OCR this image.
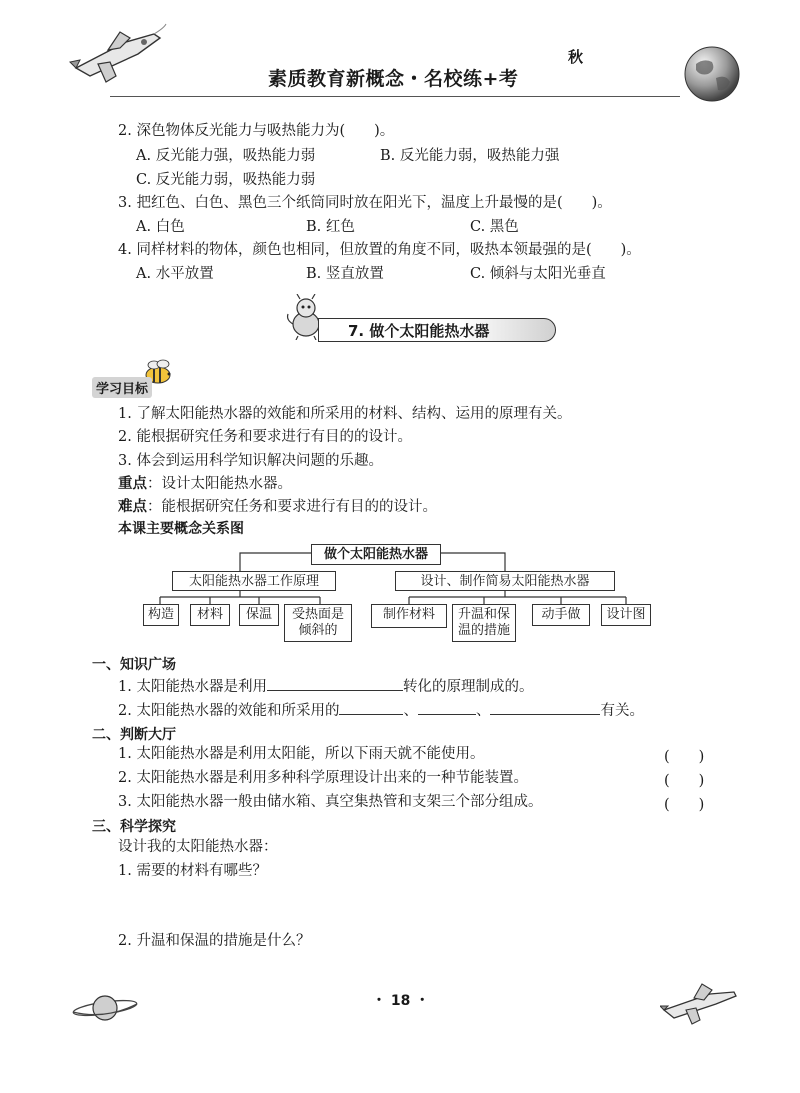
秋
素质教育新概念・名校练+考
2. 深色物体反光能力与吸热能力为(　　)。
A. 反光能力强，吸热能力弱	B. 反光能力弱，吸热能力强
C. 反光能力弱，吸热能力弱
3. 把红色、白色、黑色三个纸筒同时放在阳光下，温度上升最慢的是(　　)。
A. 白色	B. 红色	C. 黑色
4. 同样材料的物体，颜色也相同，但放置的角度不同，吸热本领最强的是(　　)。
A. 水平放置	B. 竖直放置	C. 倾斜与太阳光垂直
7. 做个太阳能热水器
学习目标
1. 了解太阳能热水器的效能和所采用的材料、结构、运用的原理有关。
2. 能根据研究任务和要求进行有目的的设计。
3. 体会到运用科学知识解决问题的乐趣。
重点：设计太阳能热水器。
难点：能根据研究任务和要求进行有目的的设计。
本课主要概念关系图
做个太阳能热水器
太阳能热水器工作原理	设计、制作简易太阳能热水器
构造	材料	保温	受热面是倾斜的
制作材料	升温和保温的措施
动手做	设计图
一、知识广场
1. 太阳能热水器是利用	转化的原理制成的。
2. 太阳能热水器的效能和所采用的	、	、	有关。
二、判断大厅
1. 太阳能热水器是利用太阳能，所以下雨天就不能使用。	(　　)
2. 太阳能热水器是利用多种科学原理设计出来的一种节能装置。	(　　)
3. 太阳能热水器一般由储水箱、真空集热管和支架三个部分组成。	(　　)
三、科学探究
设计我的太阳能热水器：
1. 需要的材料有哪些？
2. 升温和保温的措施是什么？
・ 18 ・
